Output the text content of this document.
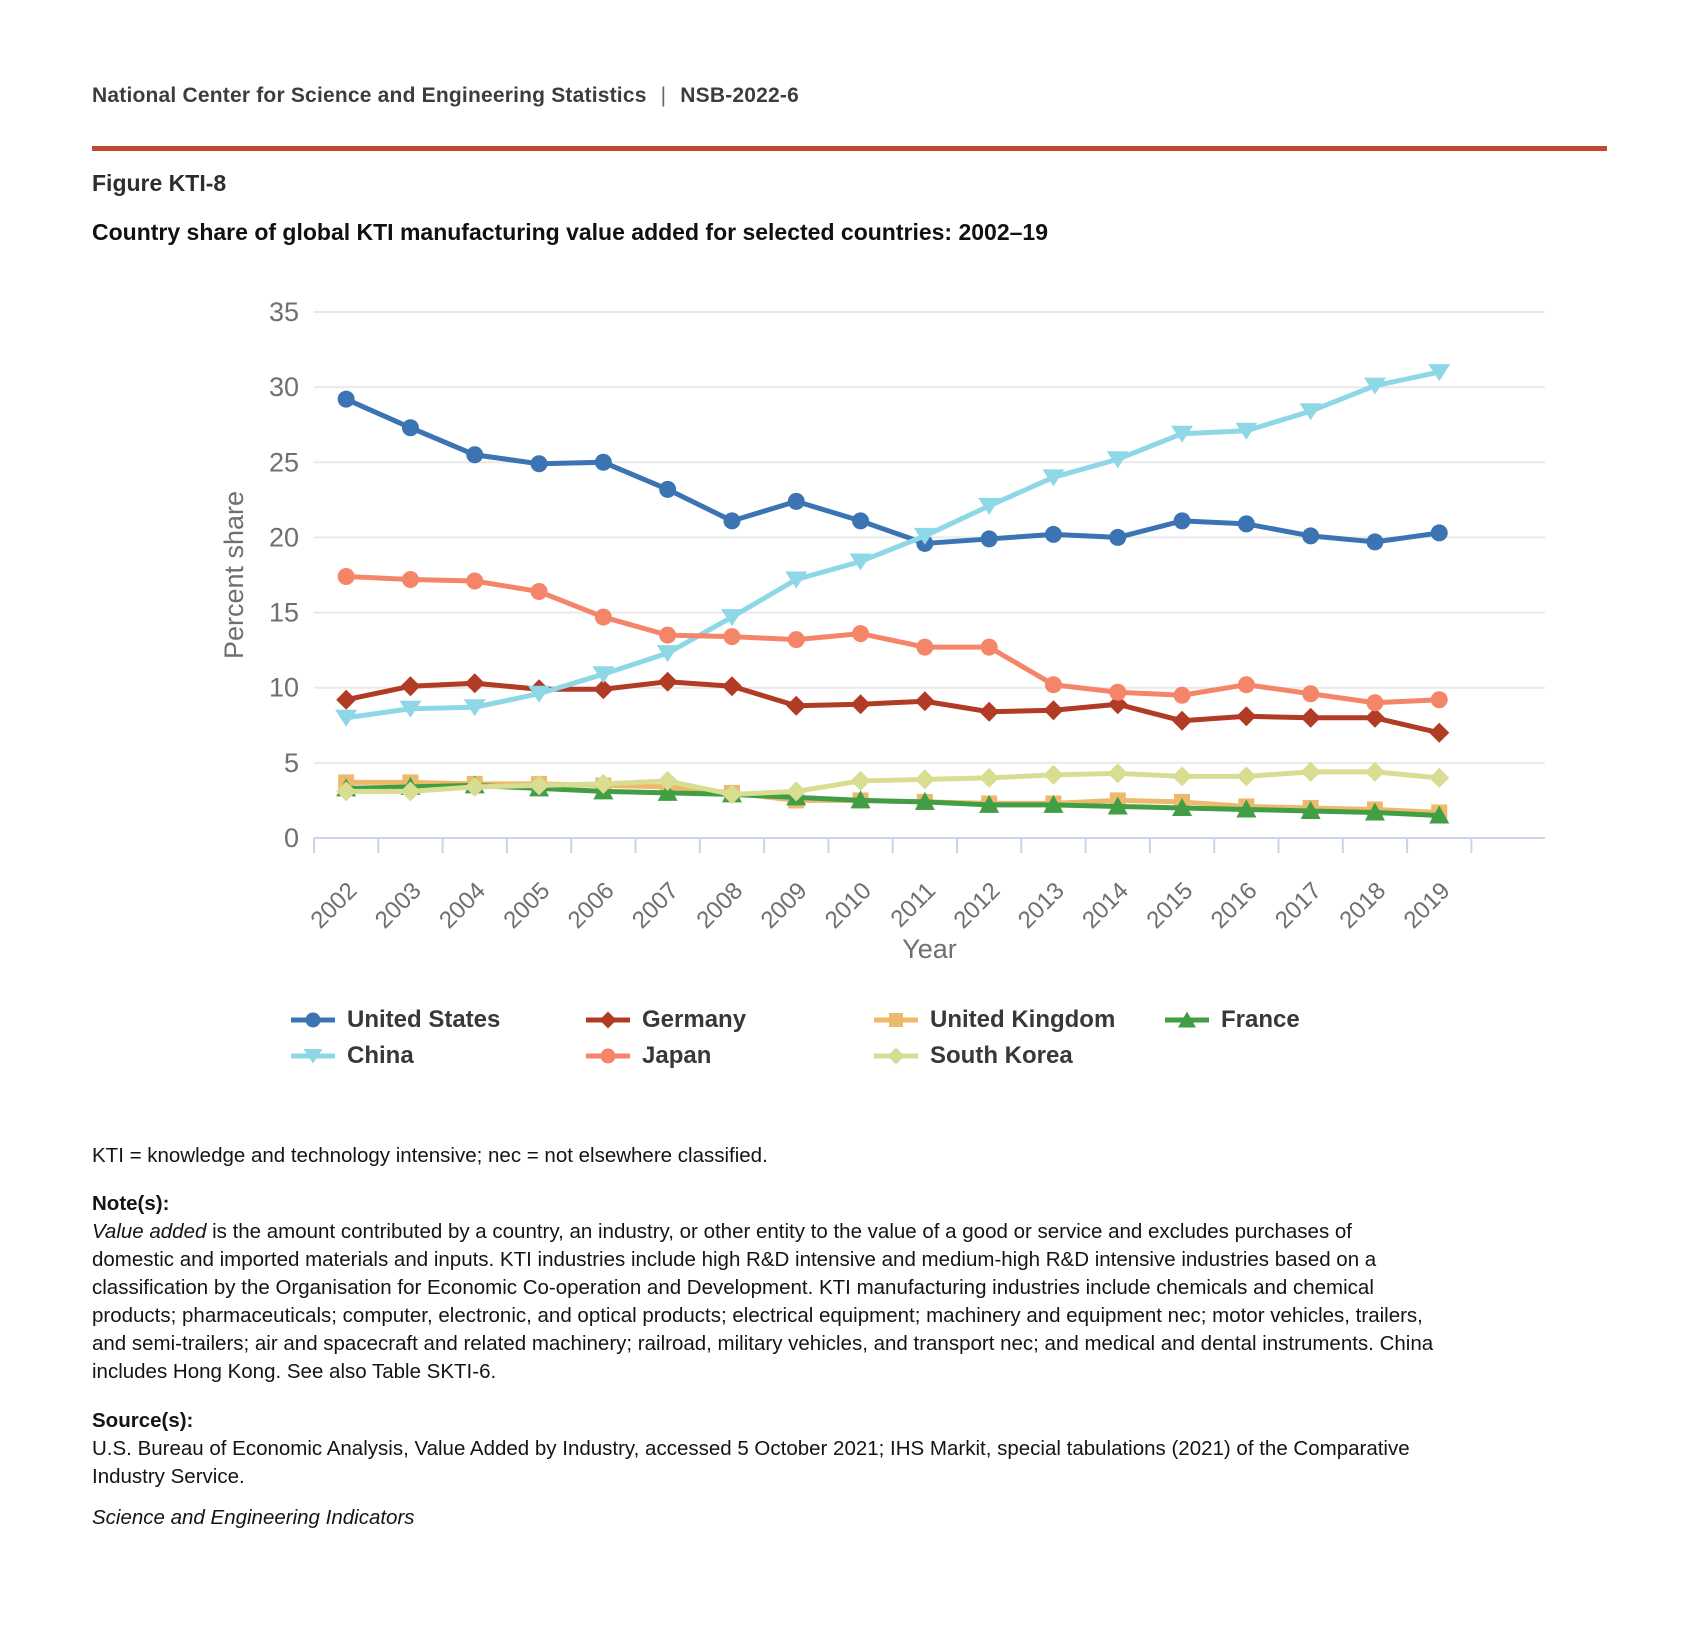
National Center for Science and Engineering Statistics | NSB-2022-6
Figure KTI-8
Country share of global KTI manufacturing value added for selected countries: 2002–19
0
5
10
15
20
25
30
35
2002 2003 2004 2005 2006 2007 2008 2009 2010 2011 2012 2013 2014 2015 2016 2017 2018 2019
Year
Percent share
United States	Germany	United Kingdom	France
China	Japan	South Korea
KTI = knowledge and technology intensive; nec = not elsewhere classified.
Note(s):
Value added is the amount contributed by a country, an industry, or other entity to the value of a good or service and excludes purchases of
domestic and imported materials and inputs. KTI industries include high R&D intensive and medium-high R&D intensive industries based on a
classification by the Organisation for Economic Co-operation and Development. KTI manufacturing industries include chemicals and chemical
products; pharmaceuticals; computer, electronic, and optical products; electrical equipment; machinery and equipment nec; motor vehicles, trailers,
and semi-trailers; air and spacecraft and related machinery; railroad, military vehicles, and transport nec; and medical and dental instruments. China
includes Hong Kong. See also Table SKTI-6.
Source(s):
U.S. Bureau of Economic Analysis, Value Added by Industry, accessed 5 October 2021; IHS Markit, special tabulations (2021) of the Comparative
Industry Service.
Science and Engineering Indicators
